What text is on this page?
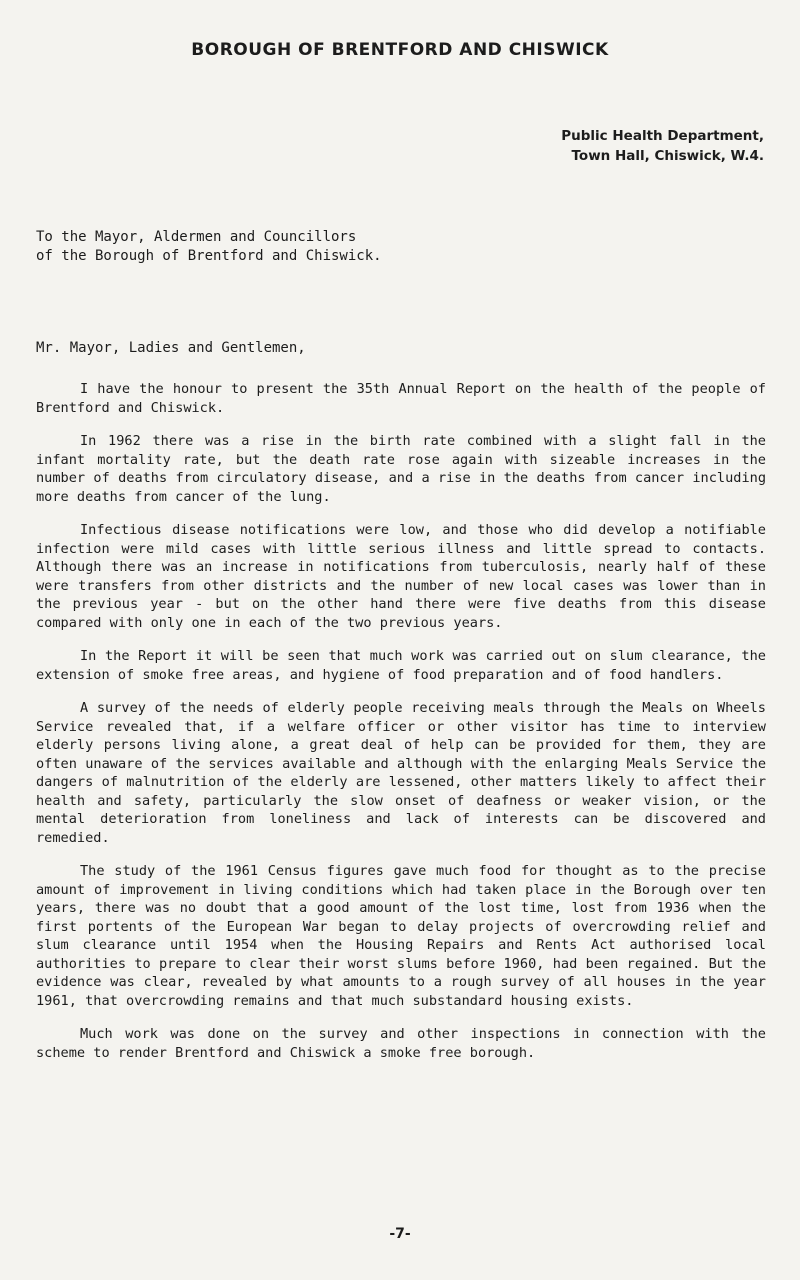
BOROUGH OF BRENTFORD AND CHISWICK
Public Health Department,
Town Hall, Chiswick, W.4.
To the Mayor, Aldermen and Councillors
of the Borough of Brentford and Chiswick.
Mr. Mayor, Ladies and Gentlemen,

I have the honour to present the 35th Annual Report on the health of the people of Brentford and Chiswick.

In 1962 there was a rise in the birth rate combined with a slight fall in the infant mortality rate, but the death rate rose again with sizeable increases in the number of deaths from circulatory disease, and a rise in the deaths from cancer including more deaths from cancer of the lung.

Infectious disease notifications were low, and those who did develop a notifiable infection were mild cases with little serious illness and little spread to contacts. Although there was an increase in notifications from tuberculosis, nearly half of these were transfers from other districts and the number of new local cases was lower than in the previous year - but on the other hand there were five deaths from this disease compared with only one in each of the two previous years.

In the Report it will be seen that much work was carried out on slum clearance, the extension of smoke free areas, and hygiene of food preparation and of food handlers.

A survey of the needs of elderly people receiving meals through the Meals on Wheels Service revealed that, if a welfare officer or other visitor has time to interview elderly persons living alone, a great deal of help can be provided for them, they are often unaware of the services available and although with the enlarging Meals Service the dangers of malnutrition of the elderly are lessened, other matters likely to affect their health and safety, particularly the slow onset of deafness or weaker vision, or the mental deterioration from loneliness and lack of interests can be discovered and remedied.

The study of the 1961 Census figures gave much food for thought as to the precise amount of improvement in living conditions which had taken place in the Borough over ten years, there was no doubt that a good amount of the lost time, lost from 1936 when the first portents of the European War began to delay projects of overcrowding relief and slum clearance until 1954 when the Housing Repairs and Rents Act authorised local authorities to prepare to clear their worst slums before 1960, had been regained. But the evidence was clear, revealed by what amounts to a rough survey of all houses in the year 1961, that overcrowding remains and that much substandard housing exists.

Much work was done on the survey and other inspections in connection with the scheme to render Brentford and Chiswick a smoke free borough.

-7-
